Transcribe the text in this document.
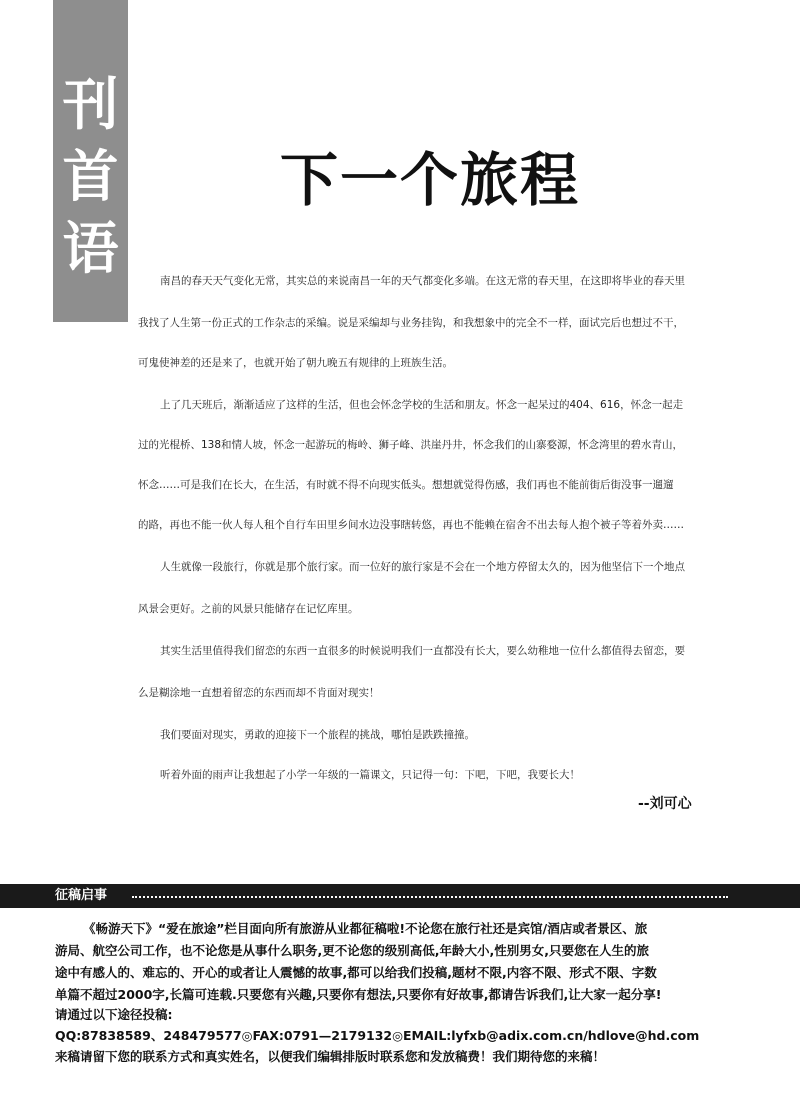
刊
首
语
下一个旅程
南昌的春天天气变化无常，其实总的来说南昌一年的天气都变化多端。在这无常的春天里，在这即将毕业的春天里
我找了人生第一份正式的工作杂志的采编。说是采编却与业务挂钩，和我想象中的完全不一样，面试完后也想过不干，
可鬼使神差的还是来了，也就开始了朝九晚五有规律的上班族生活。
上了几天班后，渐渐适应了这样的生活，但也会怀念学校的生活和朋友。怀念一起呆过的404、616，怀念一起走
过的光棍桥、138和情人坡，怀念一起游玩的梅岭、狮子峰、洪崖丹井，怀念我们的山寨婺源，怀念湾里的碧水青山，
怀念……可是我们在长大，在生活，有时就不得不向现实低头。想想就觉得伤感，我们再也不能前街后街没事一遛遛
的路，再也不能一伙人每人租个自行车田里乡间水边没事瞎转悠，再也不能赖在宿舍不出去每人抱个被子等着外卖……
人生就像一段旅行，你就是那个旅行家。而一位好的旅行家是不会在一个地方停留太久的，因为他坚信下一个地点
风景会更好。之前的风景只能储存在记忆库里。
其实生活里值得我们留恋的东西一直很多的时候说明我们一直都没有长大，要么幼稚地一位什么都值得去留恋，要
么是糊涂地一直想着留恋的东西而却不肯面对现实！
我们要面对现实，勇敢的迎接下一个旅程的挑战，哪怕是跌跌撞撞。
听着外面的雨声让我想起了小学一年级的一篇课文，只记得一句：下吧，下吧，我要长大！
--刘可心
征稿启事
《畅游天下》“爱在旅途”栏目面向所有旅游从业都征稿啦!不论您在旅行社还是宾馆/酒店或者景区、旅
游局、航空公司工作，也不论您是从事什么职务,更不论您的级别高低,年龄大小,性别男女,只要您在人生的旅
途中有感人的、难忘的、开心的或者让人震憾的故事,都可以给我们投稿,题材不限,内容不限、形式不限、字数
单篇不超过2000字,长篇可连载.只要您有兴趣,只要你有想法,只要你有好故事,都请告诉我们,让大家一起分享!
请通过以下途径投稿:
QQ:87838589、248479577◎FAX:0791—2179132◎EMAIL:lyfxb@adix.com.cn/hdlove@hd.com
来稿请留下您的联系方式和真实姓名，以便我们编辑排版时联系您和发放稿费！我们期待您的来稿！
